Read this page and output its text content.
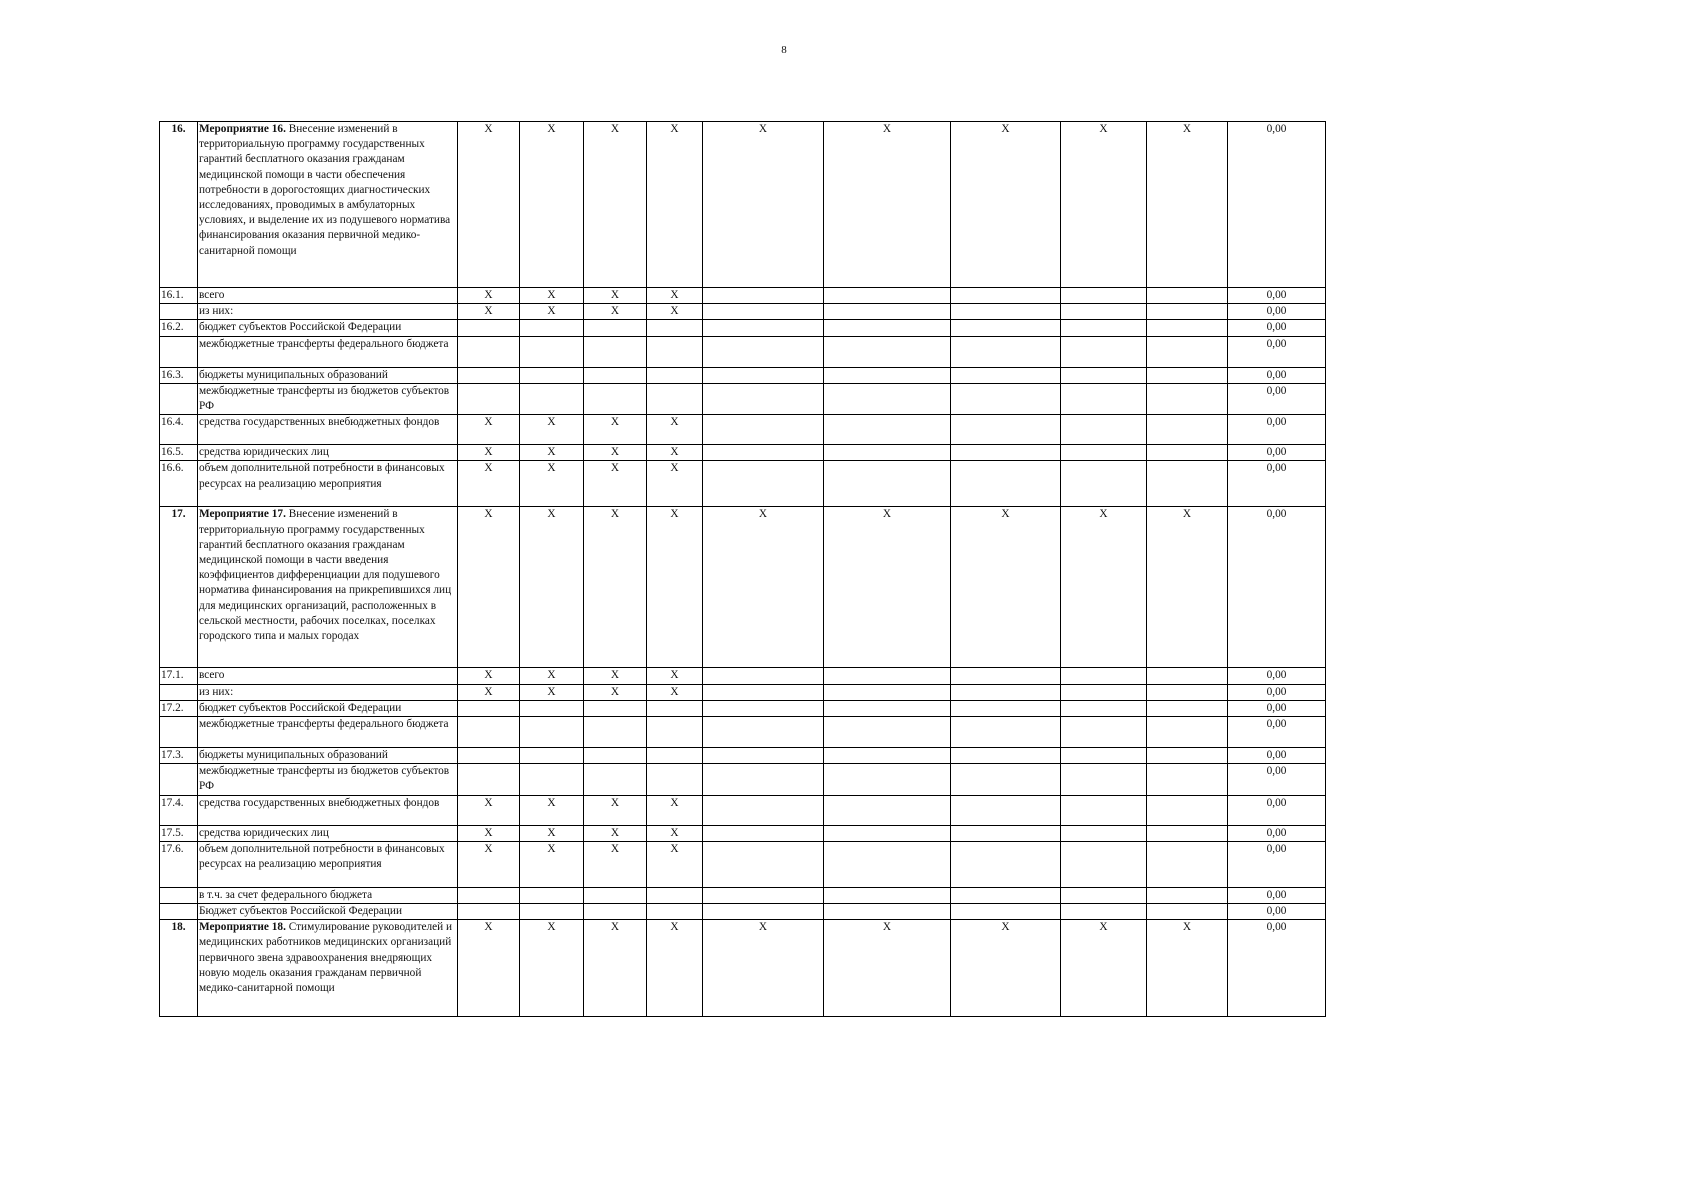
8
16.	Мероприятие 16. Внесение изменений в территориальную программу государственных гарантий бесплатного оказания гражданам медицинской помощи в части обеспечения потребности в дорогостоящих диагностических исследованиях, проводимых в амбулаторных условиях, и выделение их из подушевого норматива финансирования оказания первичной медико-санитарной помощи	X	X	X	X	X	X	X	X	X	0,00
16.1.	всего	X	X	X	X						0,00
	из них:	X	X	X	X						0,00
16.2.	бюджет субъектов Российской Федерации										0,00
	межбюджетные трансферты федерального бюджета										0,00
16.3.	бюджеты муниципальных образований										0,00
	межбюджетные трансферты из бюджетов субъектов РФ										0,00
16.4.	средства государственных внебюджетных фондов	X	X	X	X						0,00
16.5.	средства юридических лиц	X	X	X	X						0,00
16.6.	объем дополнительной потребности в финансовых ресурсах на реализацию мероприятия	X	X	X	X						0,00
17.	Мероприятие 17. Внесение изменений в территориальную программу государственных гарантий бесплатного оказания гражданам медицинской помощи в части введения коэффициентов дифференциации для подушевого норматива финансирования на прикрепившихся лиц для медицинских организаций, расположенных в сельской местности, рабочих поселках, поселках городского типа и малых городах	X	X	X	X	X	X	X	X	X	0,00
17.1.	всего	X	X	X	X						0,00
	из них:	X	X	X	X						0,00
17.2.	бюджет субъектов Российской Федерации										0,00
	межбюджетные трансферты федерального бюджета										0,00
17.3.	бюджеты муниципальных образований										0,00
	межбюджетные трансферты из бюджетов субъектов РФ										0,00
17.4.	средства государственных внебюджетных фондов	X	X	X	X						0,00
17.5.	средства юридических лиц	X	X	X	X						0,00
17.6.	объем дополнительной потребности в финансовых ресурсах на реализацию мероприятия	X	X	X	X						0,00
	в т.ч. за счет федерального бюджета										0,00
	Бюджет субъектов Российской Федерации										0,00
18.	Мероприятие 18. Стимулирование руководителей и медицинских работников медицинских организаций первичного звена здравоохранения внедряющих новую модель оказания гражданам первичной медико-санитарной помощи	X	X	X	X	X	X	X	X	X	0,00
